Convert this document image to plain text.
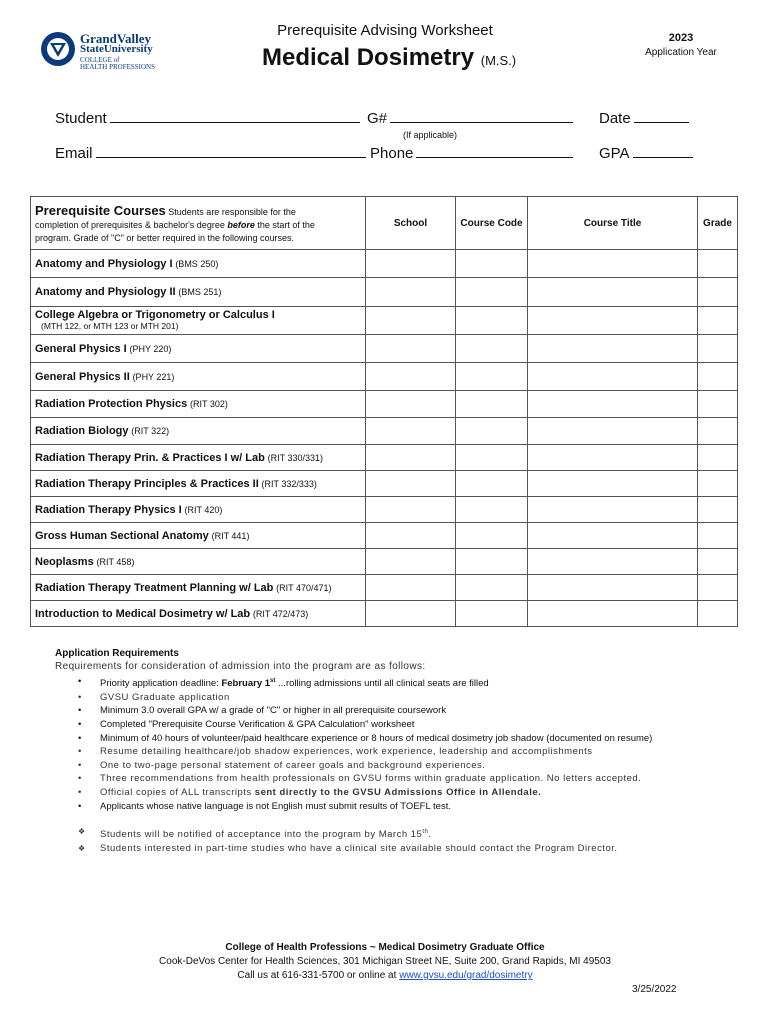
GrandValley
StateUniversity
COLLEGE of
HEALTH PROFESSIONS
Prerequisite Advising Worksheet
Medical Dosimetry (M.S.)
2023
Application Year
Student	G#
(If applicable)
Date
Email	Phone	GPA
Prerequisite Courses Students are responsible for the
completion of prerequisites & bachelor's degree before the start of the
program. Grade of "C" or better required in the following courses.	School	Course Code	Course Title	Grade
Anatomy and Physiology I (BMS 250)				
Anatomy and Physiology II (BMS 251)				
College Algebra or Trigonometry or Calculus I
(MTH 122, or MTH 123 or MTH 201)				

General Physics I (PHY 220)				
General Physics II (PHY 221)				
Radiation Protection Physics (RIT 302)				
Radiation Biology (RIT 322)				
Radiation Therapy Prin. & Practices I w/ Lab (RIT 330/331)				
Radiation Therapy Principles & Practices II (RIT 332/333)				
Radiation Therapy Physics I (RIT 420)				
Gross Human Sectional Anatomy (RIT 441)				
Neoplasms (RIT 458)				
Radiation Therapy Treatment Planning w/ Lab (RIT 470/471)				
Introduction to Medical Dosimetry w/ Lab (RIT 472/473)				
Application Requirements
Requirements for consideration of admission into the program are as follows:
• Priority application deadline: February 1st ...rolling admissions until all clinical seats are filled
• GVSU Graduate application
• Minimum 3.0 overall GPA w/ a grade of "C" or higher in all prerequisite coursework
• Completed "Prerequisite Course Verification & GPA Calculation" worksheet
• Minimum of 40 hours of volunteer/paid healthcare experience or 8 hours of medical dosimetry job shadow (documented on resume)
• Resume detailing healthcare/job shadow experiences, work experience, leadership and accomplishments
• One to two-page personal statement of career goals and background experiences.
• Three recommendations from health professionals on GVSU forms within graduate application. No letters accepted.
• Official copies of ALL transcripts sent directly to the GVSU Admissions Office in Allendale.
• Applicants whose native language is not English must submit results of TOEFL test.
❖ Students will be notified of acceptance into the program by March 15th.
❖ Students interested in part-time studies who have a clinical site available should contact the Program Director.
College of Health Professions ~ Medical Dosimetry Graduate Office
Cook-DeVos Center for Health Sciences, 301 Michigan Street NE, Suite 200, Grand Rapids, MI 49503
Call us at 616-331-5700 or online at www.gvsu.edu/grad/dosimetry
3/25/2022
